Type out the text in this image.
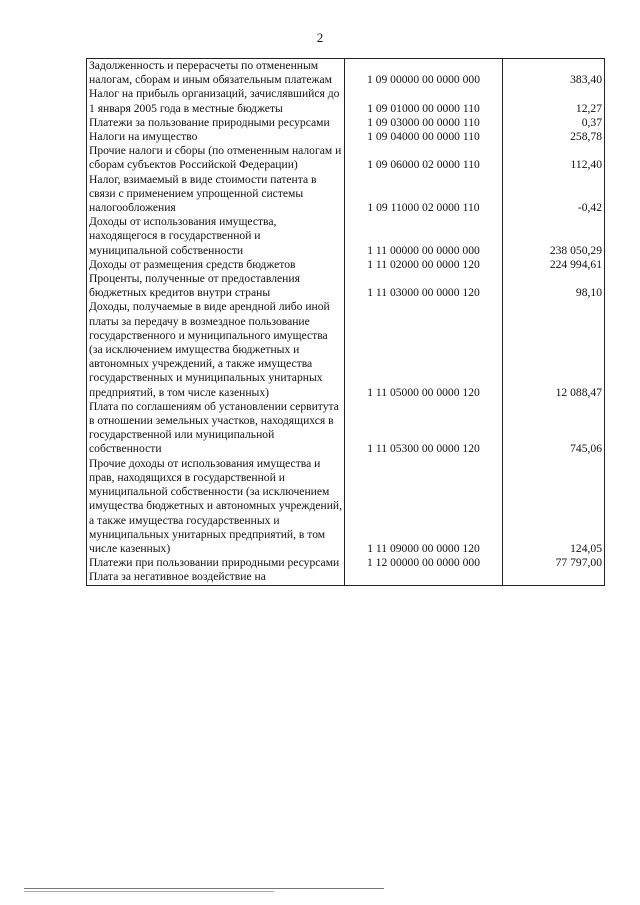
2
Задолженность и перерасчеты по отмененным налогам, сборам и иным обязательным платежам	1 09 00000 00 0000 000	383,40
Налог на прибыль организаций, зачислявшийся до 1 января 2005 года в местные бюджеты	1 09 01000 00 0000 110	12,27
Платежи за пользование природными ресурсами	1 09 03000 00 0000 110	0,37
Налоги на имущество	1 09 04000 00 0000 110	258,78
Прочие налоги и сборы (по отмененным налогам и сборам субъектов Российской Федерации)	1 09 06000 02 0000 110	112,40
Налог, взимаемый в виде стоимости патента в связи с применением упрощенной системы налогообложения	1 09 11000 02 0000 110	-0,42
Доходы от использования имущества, находящегося в государственной и муниципальной собственности	1 11 00000 00 0000 000	238 050,29
Доходы от размещения средств бюджетов	1 11 02000 00 0000 120	224 994,61
Проценты, полученные от предоставления бюджетных кредитов внутри страны	1 11 03000 00 0000 120	98,10
Доходы, получаемые в виде арендной либо иной платы за передачу в возмездное пользование государственного и муниципального имущества (за исключением имущества бюджетных и автономных учреждений, а также имущества государственных и муниципальных унитарных предприятий, в том числе казенных)	1 11 05000 00 0000 120	12 088,47
Плата по соглашениям об установлении сервитута в отношении земельных участков, находящихся в государственной или муниципальной собственности	1 11 05300 00 0000 120	745,06
Прочие доходы от использования имущества и прав, находящихся в государственной и муниципальной собственности (за исключением имущества бюджетных и автономных учреждений, а также имущества государственных и муниципальных унитарных предприятий, в том числе казенных)	1 11 09000 00 0000 120	124,05
Платежи при пользовании природными ресурсами	1 12 00000 00 0000 000	77 797,00
Плата за негативное воздействие на		
